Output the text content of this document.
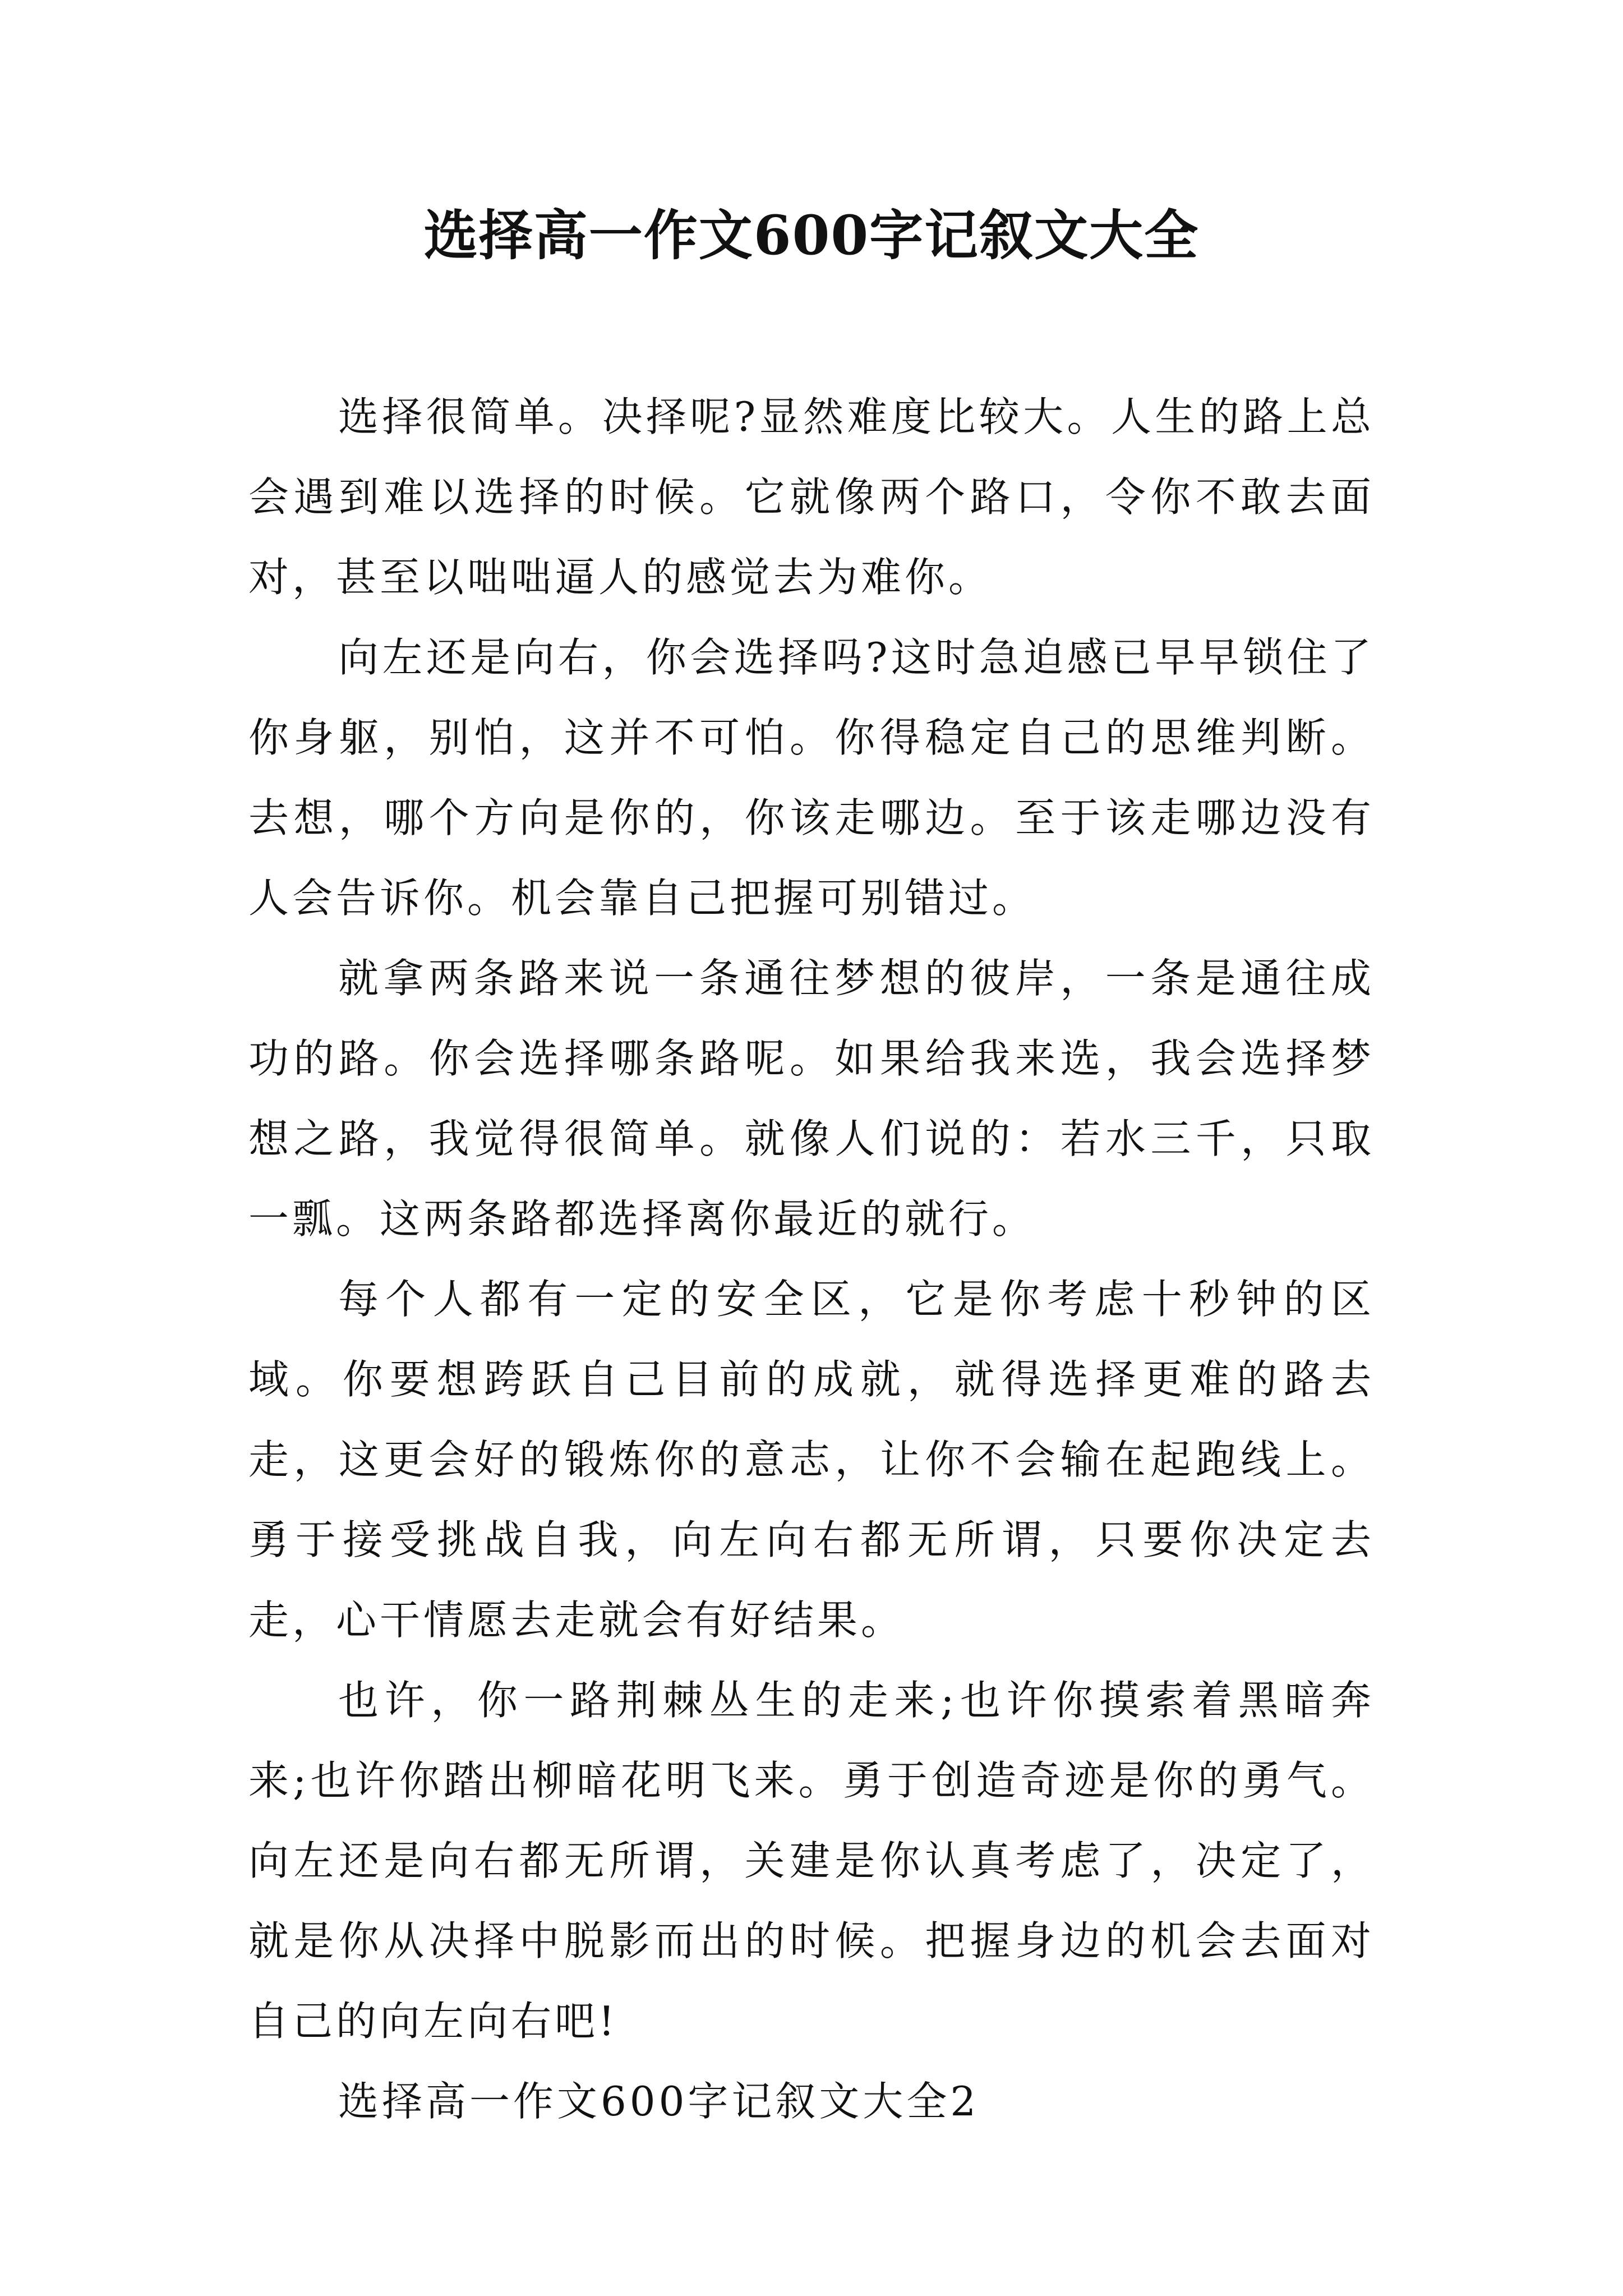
选择高一作文600字记叙文大全

选择很简单。决择呢?显然难度比较大。人生的路上总会遇到难以选择的时候。它就像两个路口，令你不敢去面对，甚至以咄咄逼人的感觉去为难你。

向左还是向右，你会选择吗?这时急迫感已早早锁住了你身躯，别怕，这并不可怕。你得稳定自己的思维判断。去想，哪个方向是你的，你该走哪边。至于该走哪边没有人会告诉你。机会靠自己把握可别错过。

就拿两条路来说一条通往梦想的彼岸，一条是通往成功的路。你会选择哪条路呢。如果给我来选，我会选择梦想之路，我觉得很简单。就像人们说的：若水三千，只取一瓢。这两条路都选择离你最近的就行。

每个人都有一定的安全区，它是你考虑十秒钟的区域。你要想跨跃自己目前的成就，就得选择更难的路去走，这更会好的锻炼你的意志，让你不会输在起跑线上。勇于接受挑战自我，向左向右都无所谓，只要你决定去走，心干情愿去走就会有好结果。

也许，你一路荆棘丛生的走来;也许你摸索着黑暗奔来;也许你踏出柳暗花明飞来。勇于创造奇迹是你的勇气。向左还是向右都无所谓，关建是你认真考虑了，决定了，就是你从决择中脱影而出的时候。把握身边的机会去面对自己的向左向右吧!

选择高一作文600字记叙文大全2
